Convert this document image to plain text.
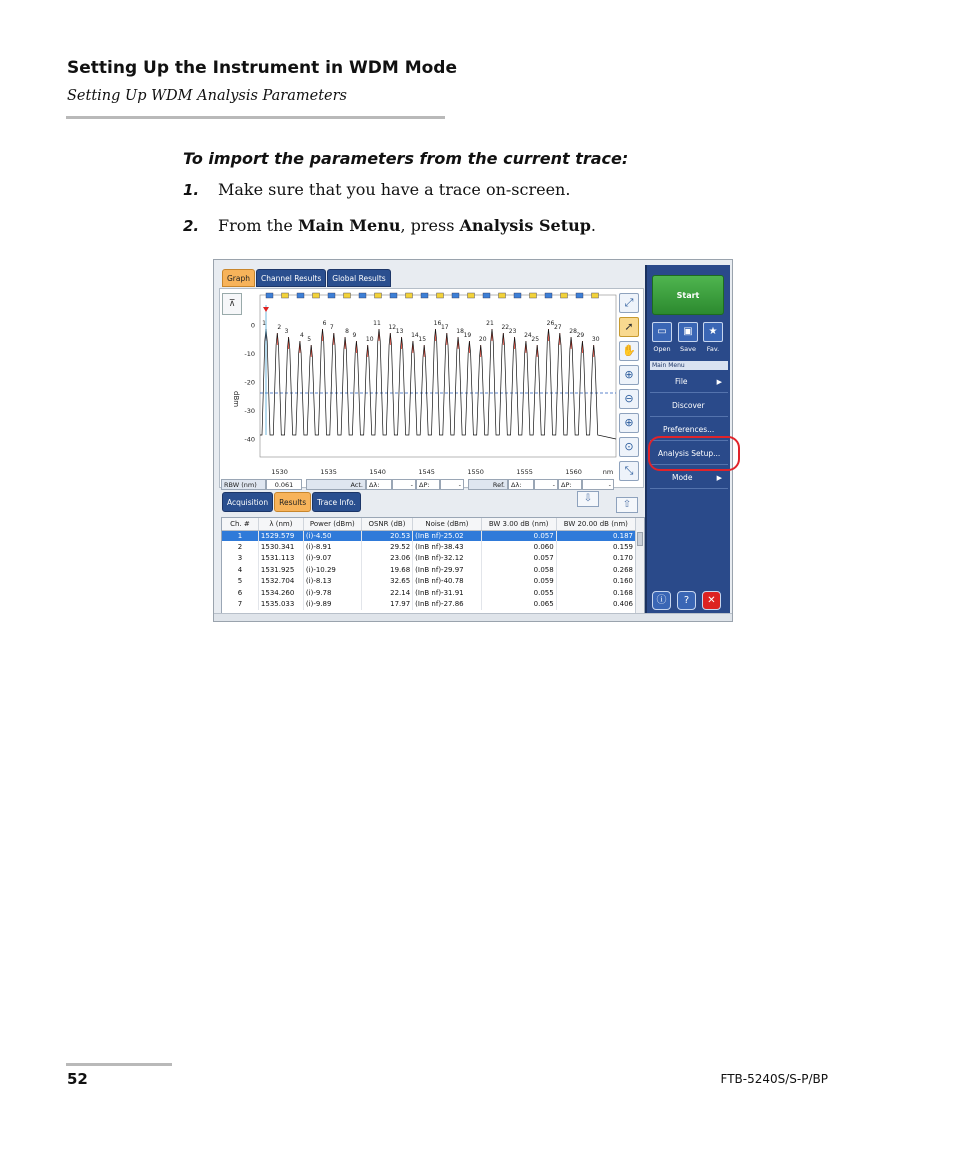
Setting Up the Instrument in WDM Mode
Setting Up WDM Analysis Parameters
To import the parameters from the current trace:
1. Make sure that you have a trace on-screen.
2. From the Main Menu, press Analysis Setup.
Graph	Channel Results	Global Results
0
-10
-20
-30
-40
dBm
1530	1535	1540	1545	1550	1555	1560	nm
1
2
3
4
5
6
7
8
9
10
11
12
13
14
15
16
17
18
19
20
21
22
23
24
25
26
27
28
29
30
⊼	⤢
➚
✋
⊕
⊖
⊕
⊙
⤡
RBW (nm)	0.061	Act. Δλ:	- ΔP:	-	Ref. Δλ:	- ΔP:	-
Acquisition	Results	Trace Info.	⇩
⇧
Ch. #	λ (nm)	Power (dBm)	OSNR (dB)	Noise (dBm)	BW 3.00 dB (nm)	BW 20.00 dB (nm)
1	1529.579	(i)-4.50	20.53	(InB nf)-25.02	0.057	0.187
2	1530.341	(i)-8.91	29.52	(InB nf)-38.43	0.060	0.159
3	1531.113	(i)-9.07	23.06	(InB nf)-32.12	0.057	0.170
4	1531.925	(i)-10.29	19.68	(InB nf)-29.97	0.058	0.268
5	1532.704	(i)-8.13	32.65	(InB nf)-40.78	0.059	0.160
6	1534.260	(i)-9.78	22.14	(InB nf)-31.91	0.055	0.168
7	1535.033	(i)-9.89	17.97	(InB nf)-27.86	0.065	0.406
Start
▭	▣	★
Open	Save	Fav.
Main Menu
File	▶
Discover
Preferences...
Analysis Setup...
Mode	▶
ⓘ	?	✕
52	FTB-5240S/S-P/BP
